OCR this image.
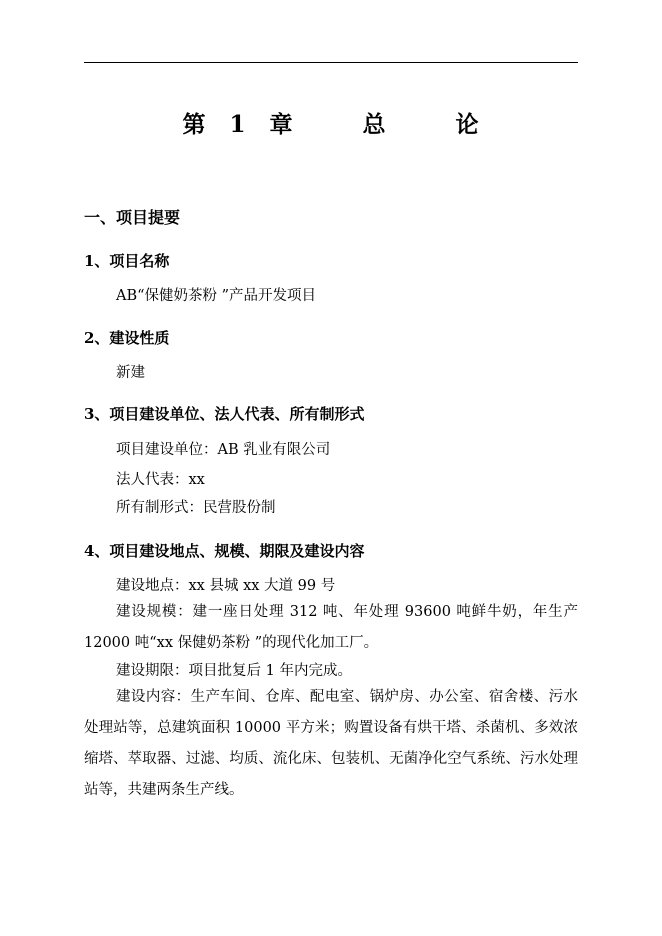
第 1 章   总   论
一、项目提要
1、项目名称
AB“保健奶茶粉 ”产品开发项目
2、建设性质
新建
3、项目建设单位、法人代表、所有制形式
项目建设单位：AB 乳业有限公司
法人代表：xx
所有制形式：民营股份制
4、项目建设地点、规模、期限及建设内容
建设地点：xx 县城 xx 大道 99 号
建设规模：建一座日处理 312 吨、年处理 93600 吨鲜牛奶，年生产 12000 吨“xx 保健奶茶粉 ”的现代化加工厂。
建设期限：项目批复后 1 年内完成。
建设内容：生产车间、仓库、配电室、锅炉房、办公室、宿舍楼、污水处理站等，总建筑面积 10000 平方米；购置设备有烘干塔、杀菌机、多效浓缩塔、萃取器、过滤、均质、流化床、包装机、无菌净化空气系统、污水处理站等，共建两条生产线。
